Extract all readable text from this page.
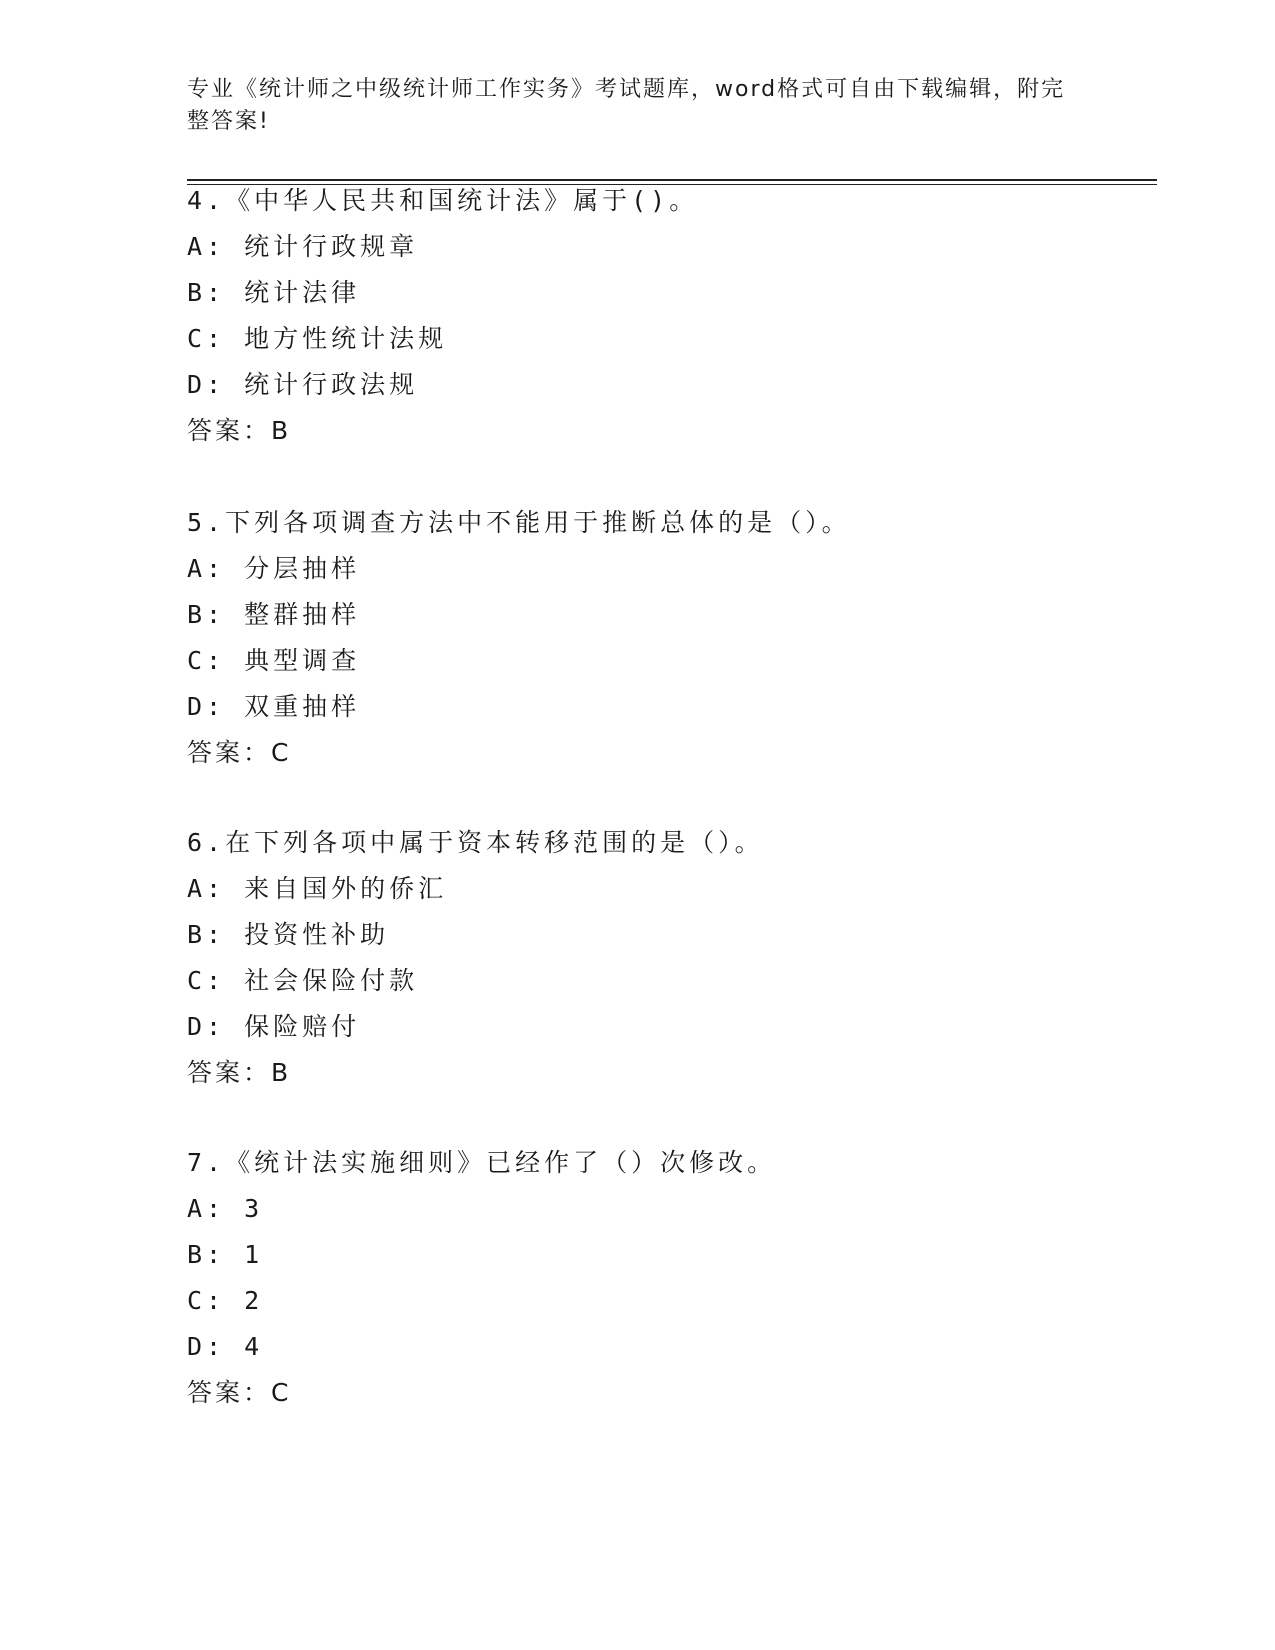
专业《统计师之中级统计师工作实务》考试题库，word格式可自由下载编辑，附完整答案!
4.《中华人民共和国统计法》属于()。
A: 统计行政规章
B: 统计法律
C: 地方性统计法规
D: 统计行政法规
答案：B
5.下列各项调查方法中不能用于推断总体的是（）。
A: 分层抽样
B: 整群抽样
C: 典型调查
D: 双重抽样
答案：C
6.在下列各项中属于资本转移范围的是（）。
A: 来自国外的侨汇
B: 投资性补助
C: 社会保险付款
D: 保险赔付
答案：B
7.《统计法实施细则》已经作了（）次修改。
A: 3
B: 1
C: 2
D: 4
答案：C
